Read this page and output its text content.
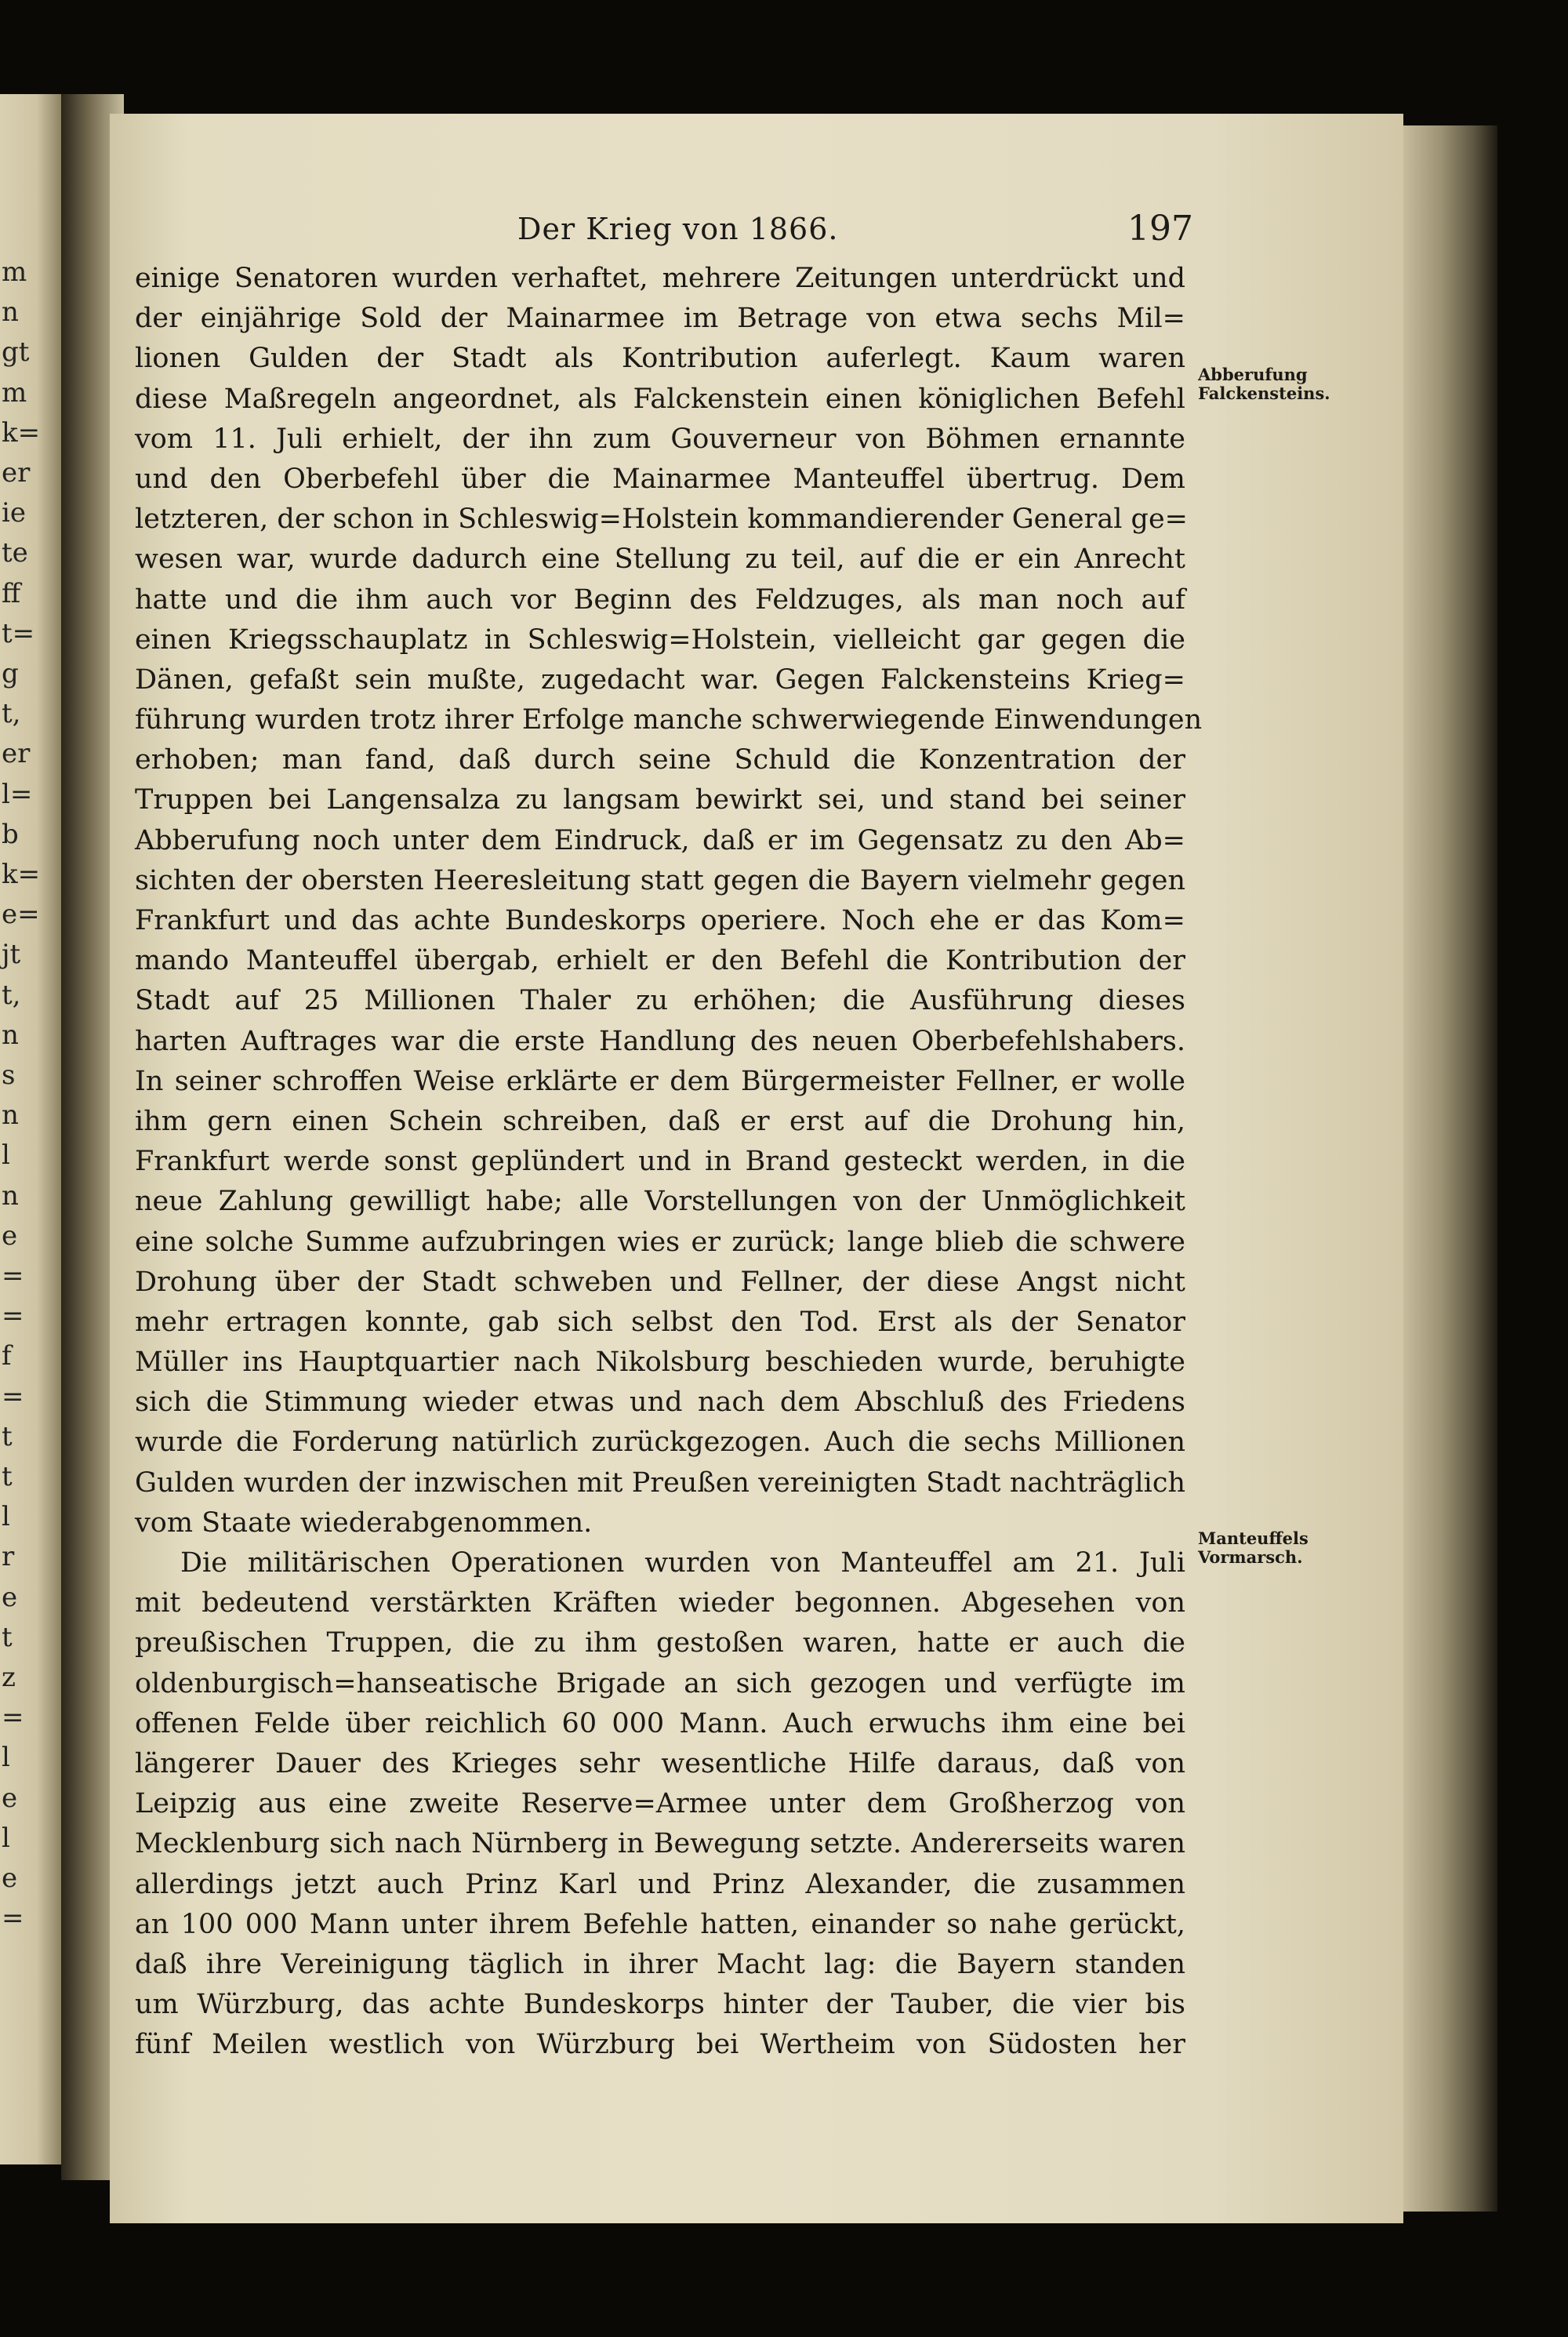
m
n
gt
m
k=
er
ie
te
ff
t=
g
t,
er
l=
b
k=
e=
jt
t,
n
s
n
l
n
e
=
=
f
=
t
t
l
r
e
t
z
=
l
e
l
e
=
Der Krieg von 1866.	197
einige Senatoren wurden verhaftet, mehrere Zeitungen unterdrückt und
der einjährige Sold der Mainarmee im Betrage von etwa sechs Mil=
lionen Gulden der Stadt als Kontribution auferlegt. Kaum waren
diese Maßregeln angeordnet, als Falckenstein einen königlichen Befehl
vom 11. Juli erhielt, der ihn zum Gouverneur von Böhmen ernannte
und den Oberbefehl über die Mainarmee Manteuffel übertrug. Dem
letzteren, der schon in Schleswig=Holstein kommandierender General ge=
wesen war, wurde dadurch eine Stellung zu teil, auf die er ein Anrecht
hatte und die ihm auch vor Beginn des Feldzuges, als man noch auf
einen Kriegsschauplatz in Schleswig=Holstein, vielleicht gar gegen die
Dänen, gefaßt sein mußte, zugedacht war. Gegen Falckensteins Krieg=
führung wurden trotz ihrer Erfolge manche schwerwiegende Einwendungen
erhoben; man fand, daß durch seine Schuld die Konzentration der
Truppen bei Langensalza zu langsam bewirkt sei, und stand bei seiner
Abberufung noch unter dem Eindruck, daß er im Gegensatz zu den Ab=
sichten der obersten Heeresleitung statt gegen die Bayern vielmehr gegen
Frankfurt und das achte Bundeskorps operiere. Noch ehe er das Kom=
mando Manteuffel übergab, erhielt er den Befehl die Kontribution der
Stadt auf 25 Millionen Thaler zu erhöhen; die Ausführung dieses
harten Auftrages war die erste Handlung des neuen Oberbefehlshabers.
In seiner schroffen Weise erklärte er dem Bürgermeister Fellner, er wolle
ihm gern einen Schein schreiben, daß er erst auf die Drohung hin,
Frankfurt werde sonst geplündert und in Brand gesteckt werden, in die
neue Zahlung gewilligt habe; alle Vorstellungen von der Unmöglichkeit
eine solche Summe aufzubringen wies er zurück; lange blieb die schwere
Drohung über der Stadt schweben und Fellner, der diese Angst nicht
mehr ertragen konnte, gab sich selbst den Tod. Erst als der Senator
Müller ins Hauptquartier nach Nikolsburg beschieden wurde, beruhigte
sich die Stimmung wieder etwas und nach dem Abschluß des Friedens
wurde die Forderung natürlich zurückgezogen. Auch die sechs Millionen
Gulden wurden der inzwischen mit Preußen vereinigten Stadt nachträglich
vom Staate wiederabgenommen.
Die militärischen Operationen wurden von Manteuffel am 21. Juli
mit bedeutend verstärkten Kräften wieder begonnen. Abgesehen von
preußischen Truppen, die zu ihm gestoßen waren, hatte er auch die
oldenburgisch=hanseatische Brigade an sich gezogen und verfügte im
offenen Felde über reichlich 60 000 Mann. Auch erwuchs ihm eine bei
längerer Dauer des Krieges sehr wesentliche Hilfe daraus, daß von
Leipzig aus eine zweite Reserve=Armee unter dem Großherzog von
Mecklenburg sich nach Nürnberg in Bewegung setzte. Andererseits waren
allerdings jetzt auch Prinz Karl und Prinz Alexander, die zusammen
an 100 000 Mann unter ihrem Befehle hatten, einander so nahe gerückt,
daß ihre Vereinigung täglich in ihrer Macht lag: die Bayern standen
um Würzburg, das achte Bundeskorps hinter der Tauber, die vier bis
fünf Meilen westlich von Würzburg bei Wertheim von Südosten her
Abberufung
Falckensteins.
Manteuffels
Vormarsch.
